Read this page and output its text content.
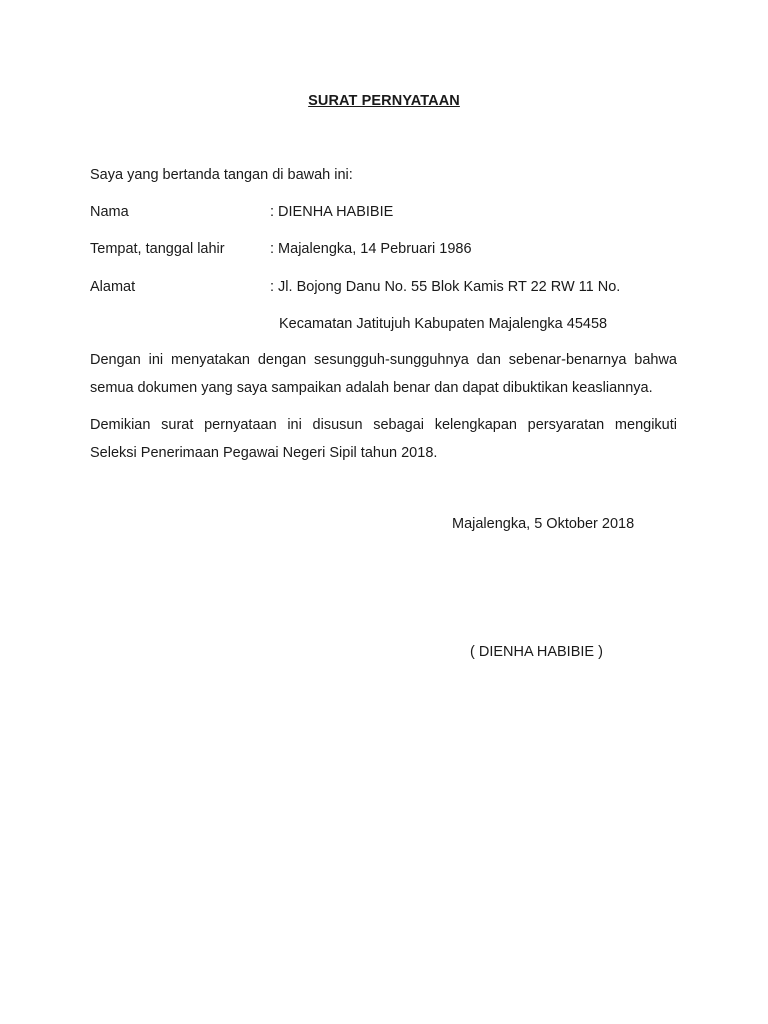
SURAT PERNYATAAN
Saya yang bertanda tangan di bawah ini:
Nama	: DIENHA HABIBIE
Tempat, tanggal lahir	: Majalengka, 14 Pebruari 1986
Alamat	: Jl. Bojong Danu No. 55 Blok Kamis RT 22 RW 11 No.
Kecamatan Jatitujuh Kabupaten Majalengka 45458
Dengan ini menyatakan dengan sesungguh-sungguhnya dan sebenar-benarnya bahwa
semua dokumen yang saya sampaikan adalah benar dan dapat dibuktikan keasliannya.
Demikian surat pernyataan ini disusun sebagai kelengkapan persyaratan mengikuti
Seleksi Penerimaan Pegawai Negeri Sipil tahun 2018.
Majalengka, 5 Oktober 2018
( DIENHA HABIBIE )
